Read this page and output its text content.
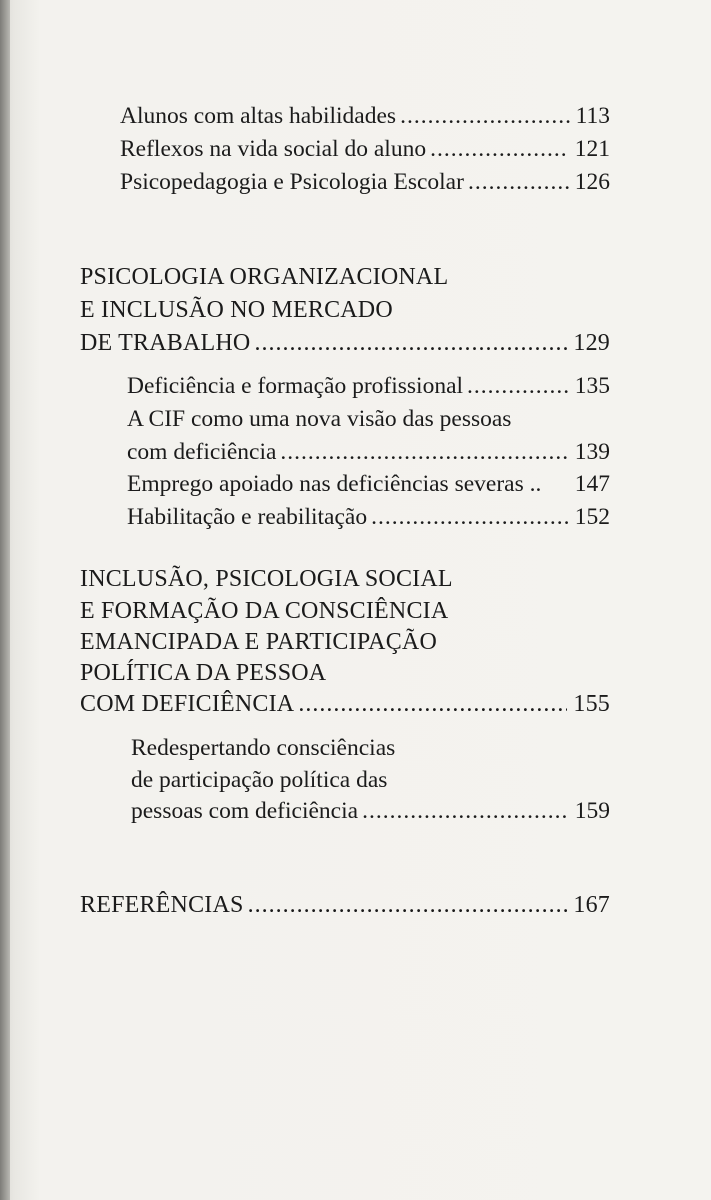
Alunos com altas habilidades .....	113
Reflexos na vida social do aluno .....	121
Psicopedagogia e Psicologia Escolar .....	126
PSICOLOGIA ORGANIZACIONAL
E INCLUSÃO NO MERCADO
DE TRABALHO .....	129
Deficiência e formação profissional .....	135
A CIF como uma nova visão das pessoas
com deficiência .....	139
Emprego apoiado nas deficiências severas .. 147
Habilitação e reabilitação .....	152
INCLUSÃO, PSICOLOGIA SOCIAL
E FORMAÇÃO DA CONSCIÊNCIA
EMANCIPADA E PARTICIPAÇÃO
POLÍTICA DA PESSOA
COM DEFICIÊNCIA .....	155
Redespertando consciências
de participação política das
pessoas com deficiência .....	159
REFERÊNCIAS .....	167
